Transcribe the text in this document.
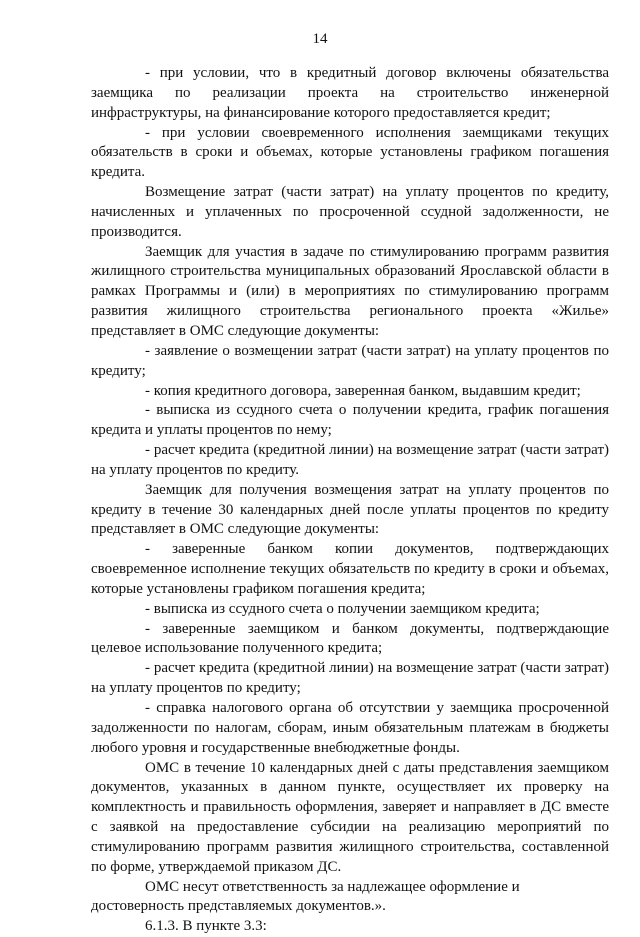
14

- при условии, что в кредитный договор включены обязательства заемщика по реализации проекта на строительство инженерной инфраструктуры, на финансирование которого предоставляется кредит;

- при условии своевременного исполнения заемщиками текущих обязательств в сроки и объемах, которые установлены графиком погашения кредита.

Возмещение затрат (части затрат) на уплату процентов по кредиту, начисленных и уплаченных по просроченной ссудной задолженности, не производится.

Заемщик для участия в задаче по стимулированию программ развития жилищного строительства муниципальных образований Ярославской области в рамках Программы и (или) в мероприятиях по стимулированию программ развития жилищного строительства регионального проекта «Жилье» представляет в ОМС следующие документы:

- заявление о возмещении затрат (части затрат) на уплату процентов по кредиту;

- копия кредитного договора, заверенная банком, выдавшим кредит;

- выписка из ссудного счета о получении кредита, график погашения кредита и уплаты процентов по нему;

- расчет кредита (кредитной линии) на возмещение затрат (части затрат) на уплату процентов по кредиту.

Заемщик для получения возмещения затрат на уплату процентов по кредиту в течение 30 календарных дней после уплаты процентов по кредиту представляет в ОМС следующие документы:

- заверенные банком копии документов, подтверждающих своевременное исполнение текущих обязательств по кредиту в сроки и объемах, которые установлены графиком погашения кредита;

- выписка из ссудного счета о получении заемщиком кредита;

- заверенные заемщиком и банком документы, подтверждающие целевое использование полученного кредита;

- расчет кредита (кредитной линии) на возмещение затрат (части затрат) на уплату процентов по кредиту;

- справка налогового органа об отсутствии у заемщика просроченной задолженности по налогам, сборам, иным обязательным платежам в бюджеты любого уровня и государственные внебюджетные фонды.

ОМС в течение 10 календарных дней с даты представления заемщиком документов, указанных в данном пункте, осуществляет их проверку на комплектность и правильность оформления, заверяет и направляет в ДС вместе с заявкой на предоставление субсидии на реализацию мероприятий по стимулированию программ развития жилищного строительства, составленной по форме, утверждаемой приказом ДС.

ОМС несут ответственность за надлежащее оформление и достоверность представляемых документов.».

6.1.3. В пункте 3.3:
